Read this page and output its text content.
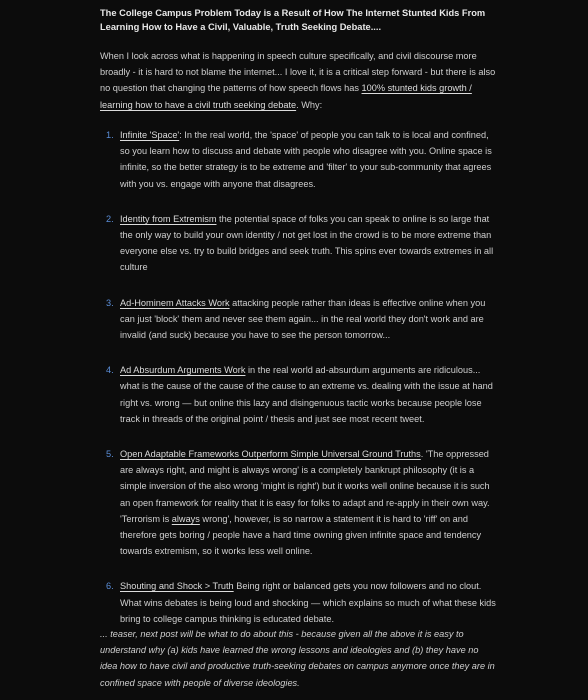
The College Campus Problem Today is a Result of How The Internet Stunted Kids From Learning How to Have a Civil, Valuable, Truth Seeking Debate....
When I look across what is happening in speech culture specifically, and civil discourse more broadly - it is hard to not blame the internet... I love it, it is a critical step forward - but there is also no question that changing the patterns of how speech flows has 100% stunted kids growth / learning how to have a civil truth seeking debate. Why:
1. Infinite 'Space': In the real world, the 'space' of people you can talk to is local and confined, so you learn how to discuss and debate with people who disagree with you. Online space is infinite, so the better strategy is to be extreme and 'filter' to your sub-community that agrees with you vs. engage with anyone that disagrees.
2. Identity from Extremism the potential space of folks you can speak to online is so large that the only way to build your own identity / not get lost in the crowd is to be more extreme than everyone else vs. try to build bridges and seek truth. This spins ever towards extremes in all culture
3. Ad-Hominem Attacks Work attacking people rather than ideas is effective online when you can just 'block' them and never see them again... in the real world they don't work and are invalid (and suck) because you have to see the person tomorrow...
4. Ad Absurdum Arguments Work in the real world ad-absurdum arguments are ridiculous... what is the cause of the cause of the cause to an extreme vs. dealing with the issue at hand right vs. wrong — but online this lazy and disingenuous tactic works because people lose track in threads of the original point / thesis and just see most recent tweet.
5. Open Adaptable Frameworks Outperform Simple Universal Ground Truths. 'The oppressed are always right, and might is always wrong' is a completely bankrupt philosophy (it is a simple inversion of the also wrong 'might is right') but it works well online because it is such an open framework for reality that it is easy for folks to adapt and re-apply in their own way. 'Terrorism is always wrong', however, is so narrow a statement it is hard to 'riff' on and therefore gets boring / people have a hard time owning given infinite space and tendency towards extremism, so it works less well online.
6. Shouting and Shock > Truth Being right or balanced gets you now followers and no clout. What wins debates is being loud and shocking — which explains so much of what these kids bring to college campus thinking is educated debate.
... teaser, next post will be what to do about this - because given all the above it is easy to understand why (a) kids have learned the wrong lessons and ideologies and (b) they have no idea how to have civil and productive truth-seeking debates on campus anymore once they are in confined space with people of diverse ideologies.
